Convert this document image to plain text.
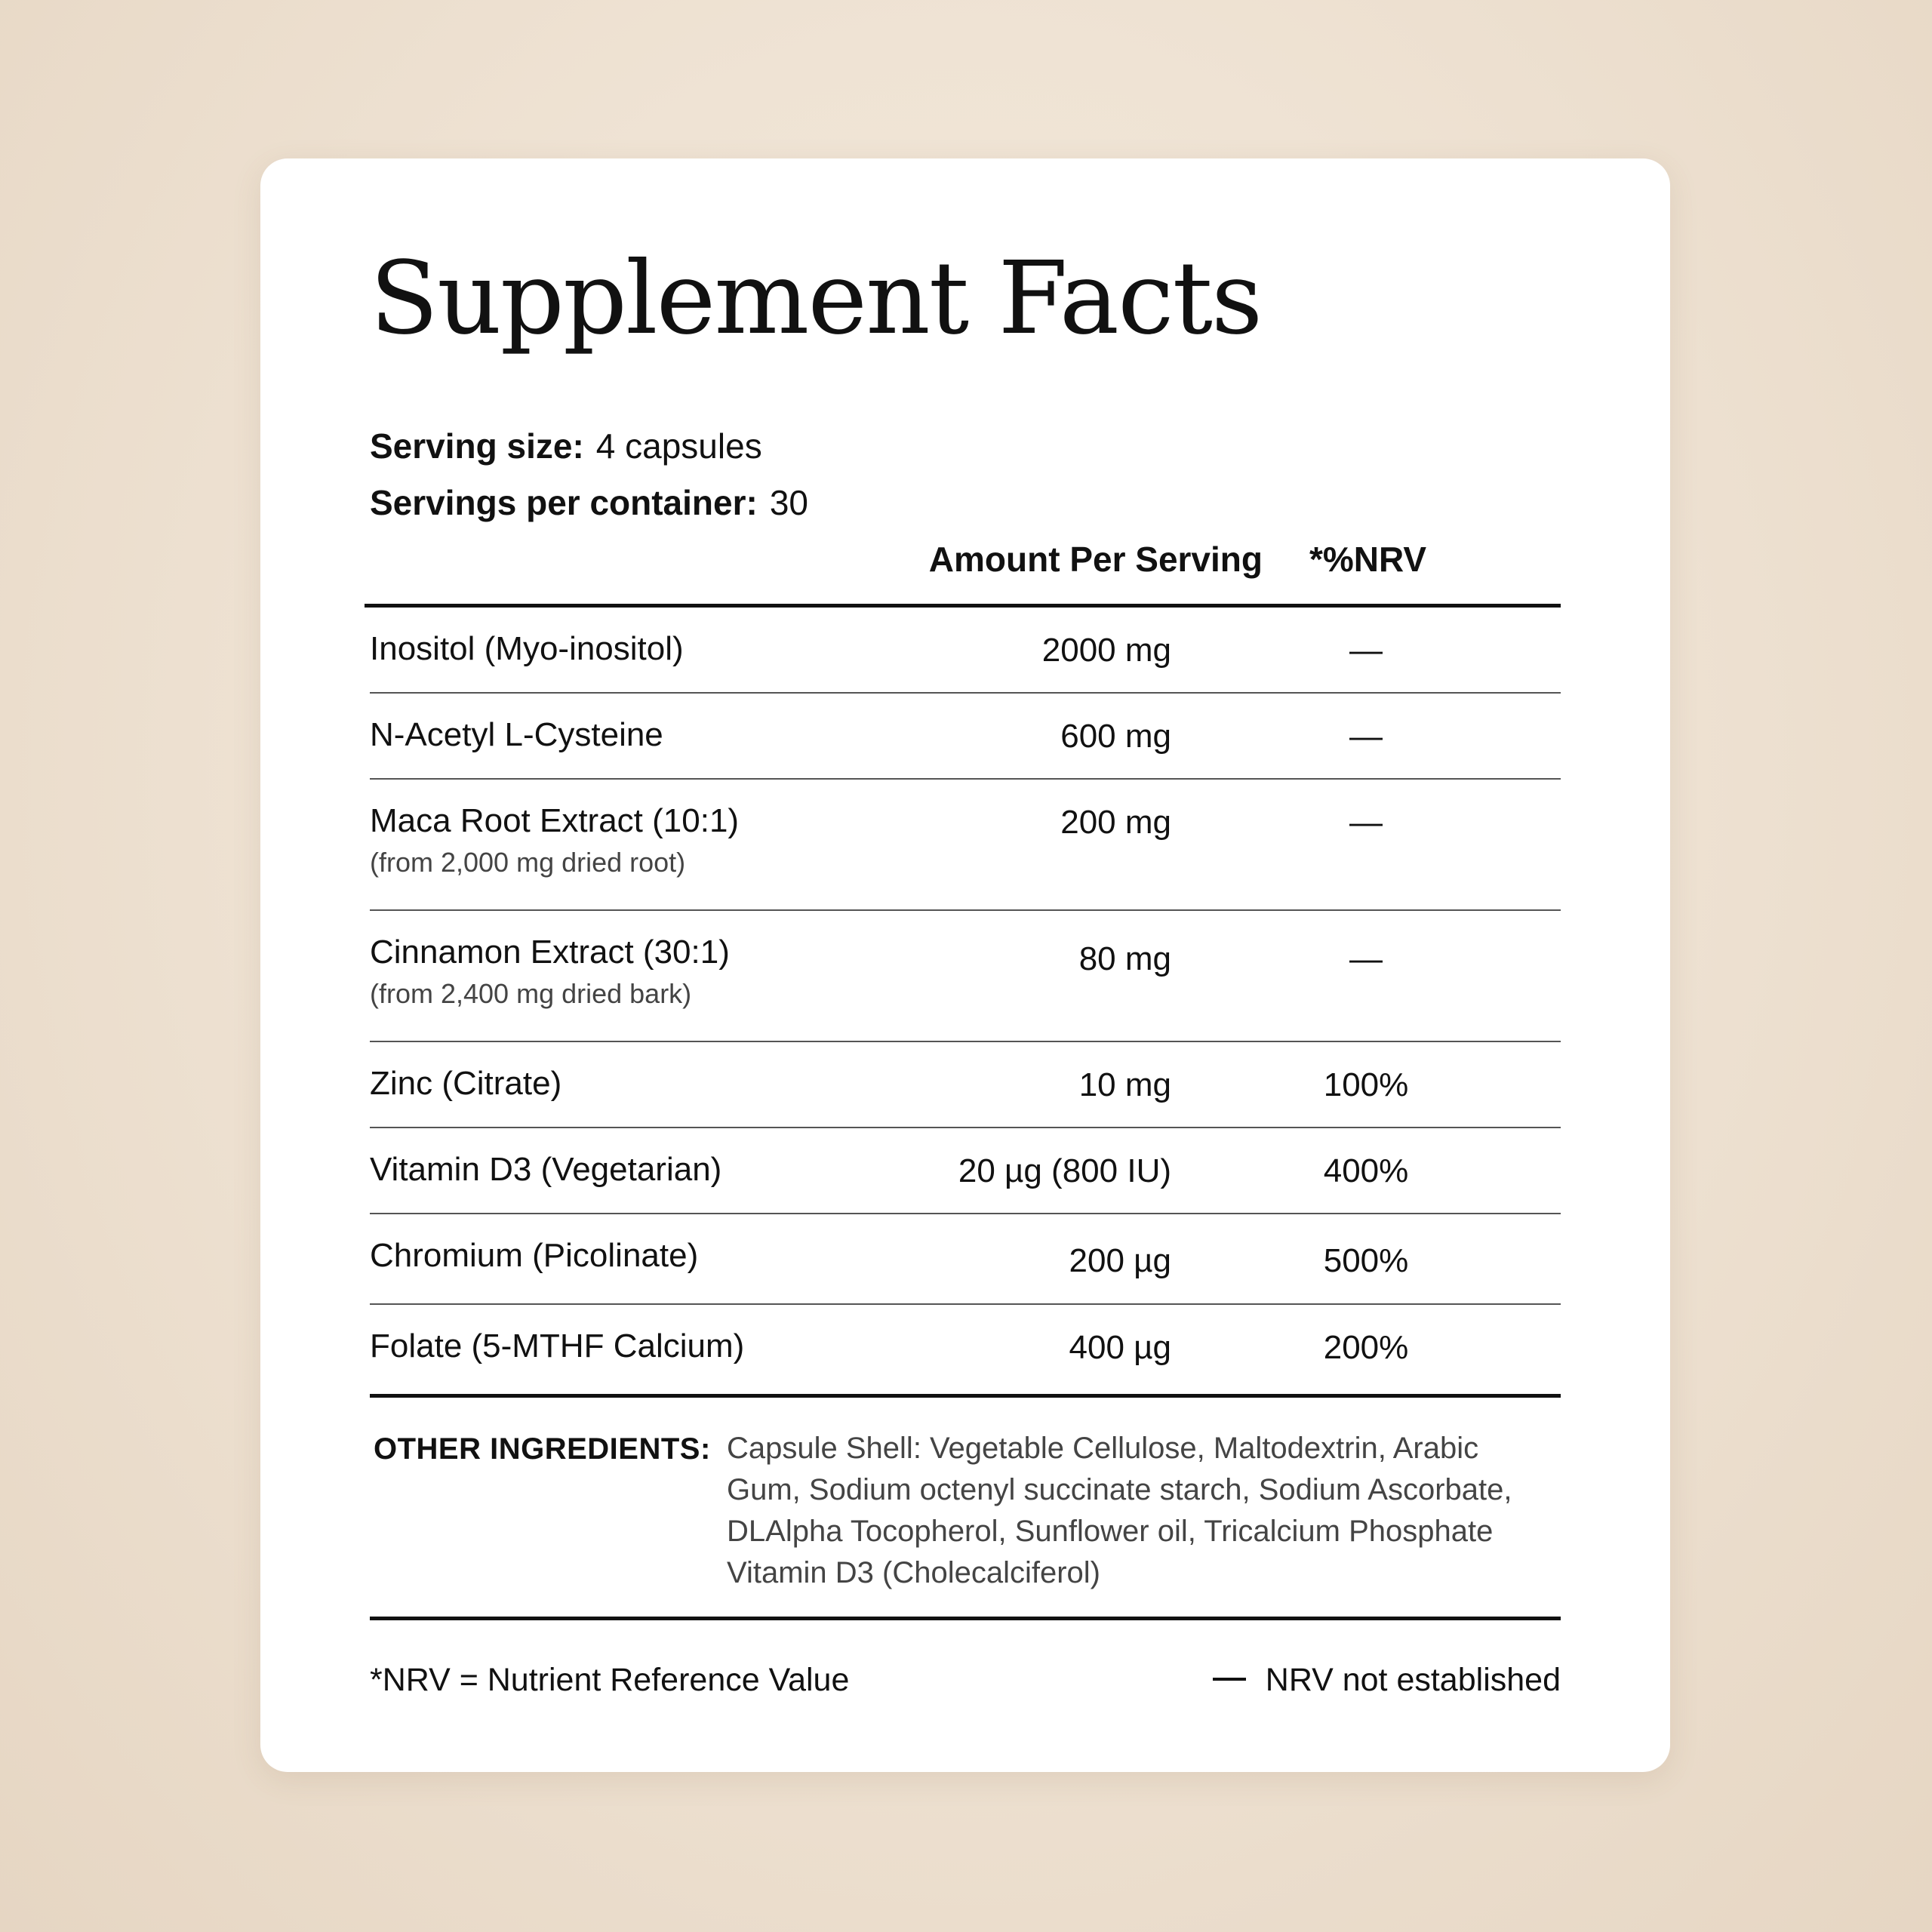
Supplement Facts
Serving size: 4 capsules
Servings per container: 30
Amount Per Serving *%NRV
Inositol (Myo-inositol)	2000 mg	—
N-Acetyl L-Cysteine	600 mg	—
Maca Root Extract (10:1)
(from 2,000 mg dried root)
200 mg	—
Cinnamon Extract (30:1)
(from 2,400 mg dried bark)
80 mg	—
Zinc (Citrate)	10 mg	100%
Vitamin D3 (Vegetarian)	20 µg (800 IU)	400%
Chromium (Picolinate)	200 µg	500%
Folate (5-MTHF Calcium)	400 µg	200%
OTHER INGREDIENTS: Capsule Shell: Vegetable Cellulose, Maltodextrin, Arabic Gum, Sodium octenyl succinate starch, Sodium Ascorbate, DLAlpha Tocopherol, Sunflower oil, Tricalcium Phosphate Vitamin D3 (Cholecalciferol)
*NRV = Nutrient Reference Value	NRV not established
